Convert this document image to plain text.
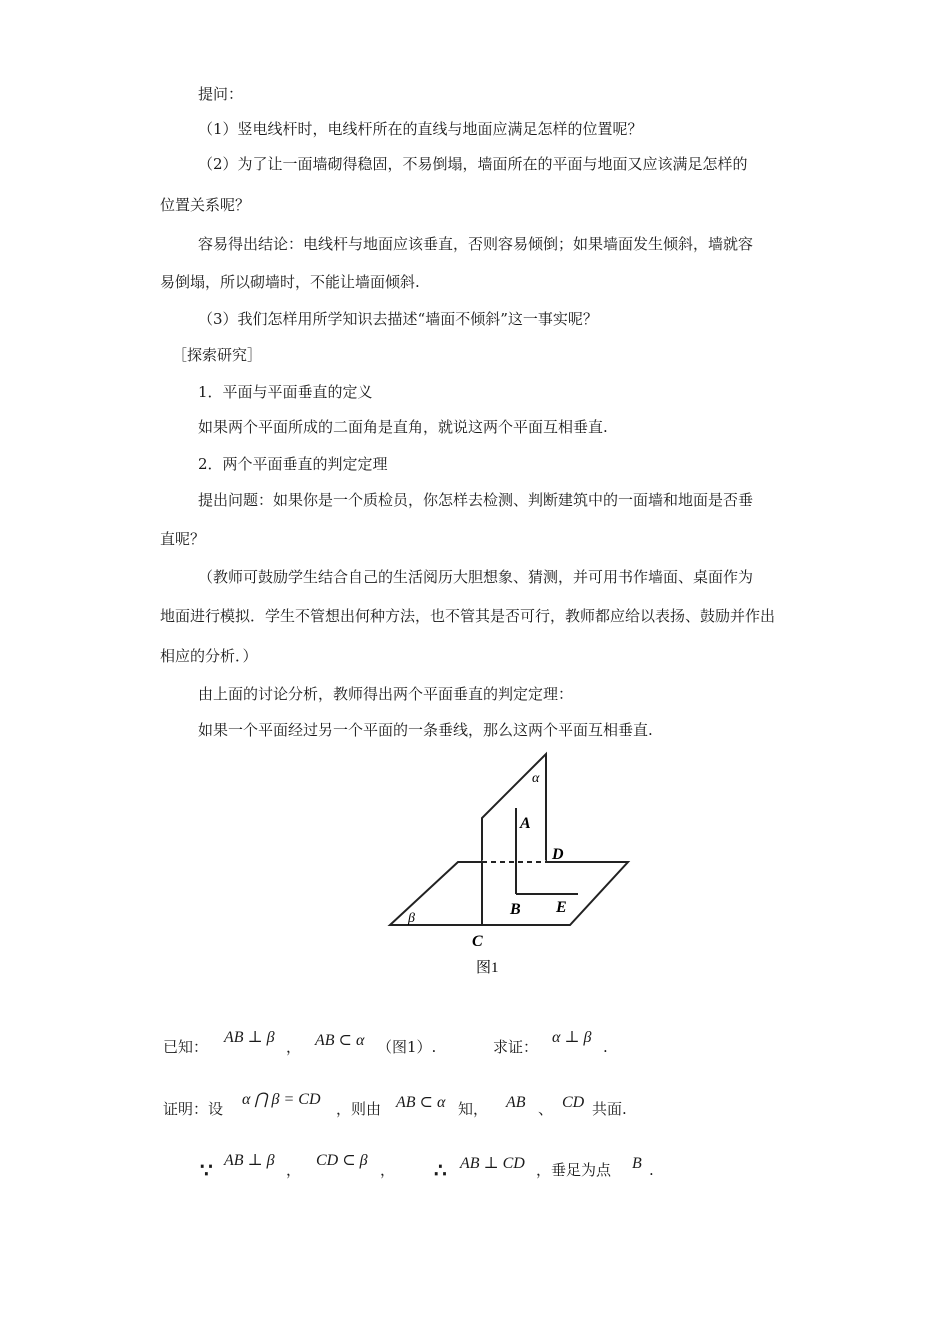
提问：
（1）竖电线杆时，电线杆所在的直线与地面应满足怎样的位置呢？
（2）为了让一面墙砌得稳固，不易倒塌，墙面所在的平面与地面又应该满足怎样的
位置关系呢？
容易得出结论：电线杆与地面应该垂直，否则容易倾倒；如果墙面发生倾斜，墙就容
易倒塌，所以砌墙时，不能让墙面倾斜.
（3）我们怎样用所学知识去描述“墙面不倾斜”这一事实呢？
［探索研究］
1．平面与平面垂直的定义
如果两个平面所成的二面角是直角，就说这两个平面互相垂直.
2．两个平面垂直的判定定理
提出问题：如果你是一个质检员，你怎样去检测、判断建筑中的一面墙和地面是否垂
直呢？
（教师可鼓励学生结合自己的生活阅历大胆想象、猜测，并可用书作墙面、桌面作为
地面进行模拟．学生不管想出何种方法，也不管其是否可行，教师都应给以表扬、鼓励并作出
相应的分析．）
由上面的讨论分析，教师得出两个平面垂直的判定定理：
如果一个平面经过另一个平面的一条垂线，那么这两个平面互相垂直.
α
A
D
B E
β
C
图1
已知：
AB ⊥ β
， AB ⊂ α （图1）.	求证：
α ⊥ β
.
证明：设
α ⋂ β = CD
，则由 AB ⊂ α 知， AB 、 CD 共面.
∵ AB ⊥ β
，
CD ⊂ β
， ∴ AB ⊥ CD ，垂足为点 B .
